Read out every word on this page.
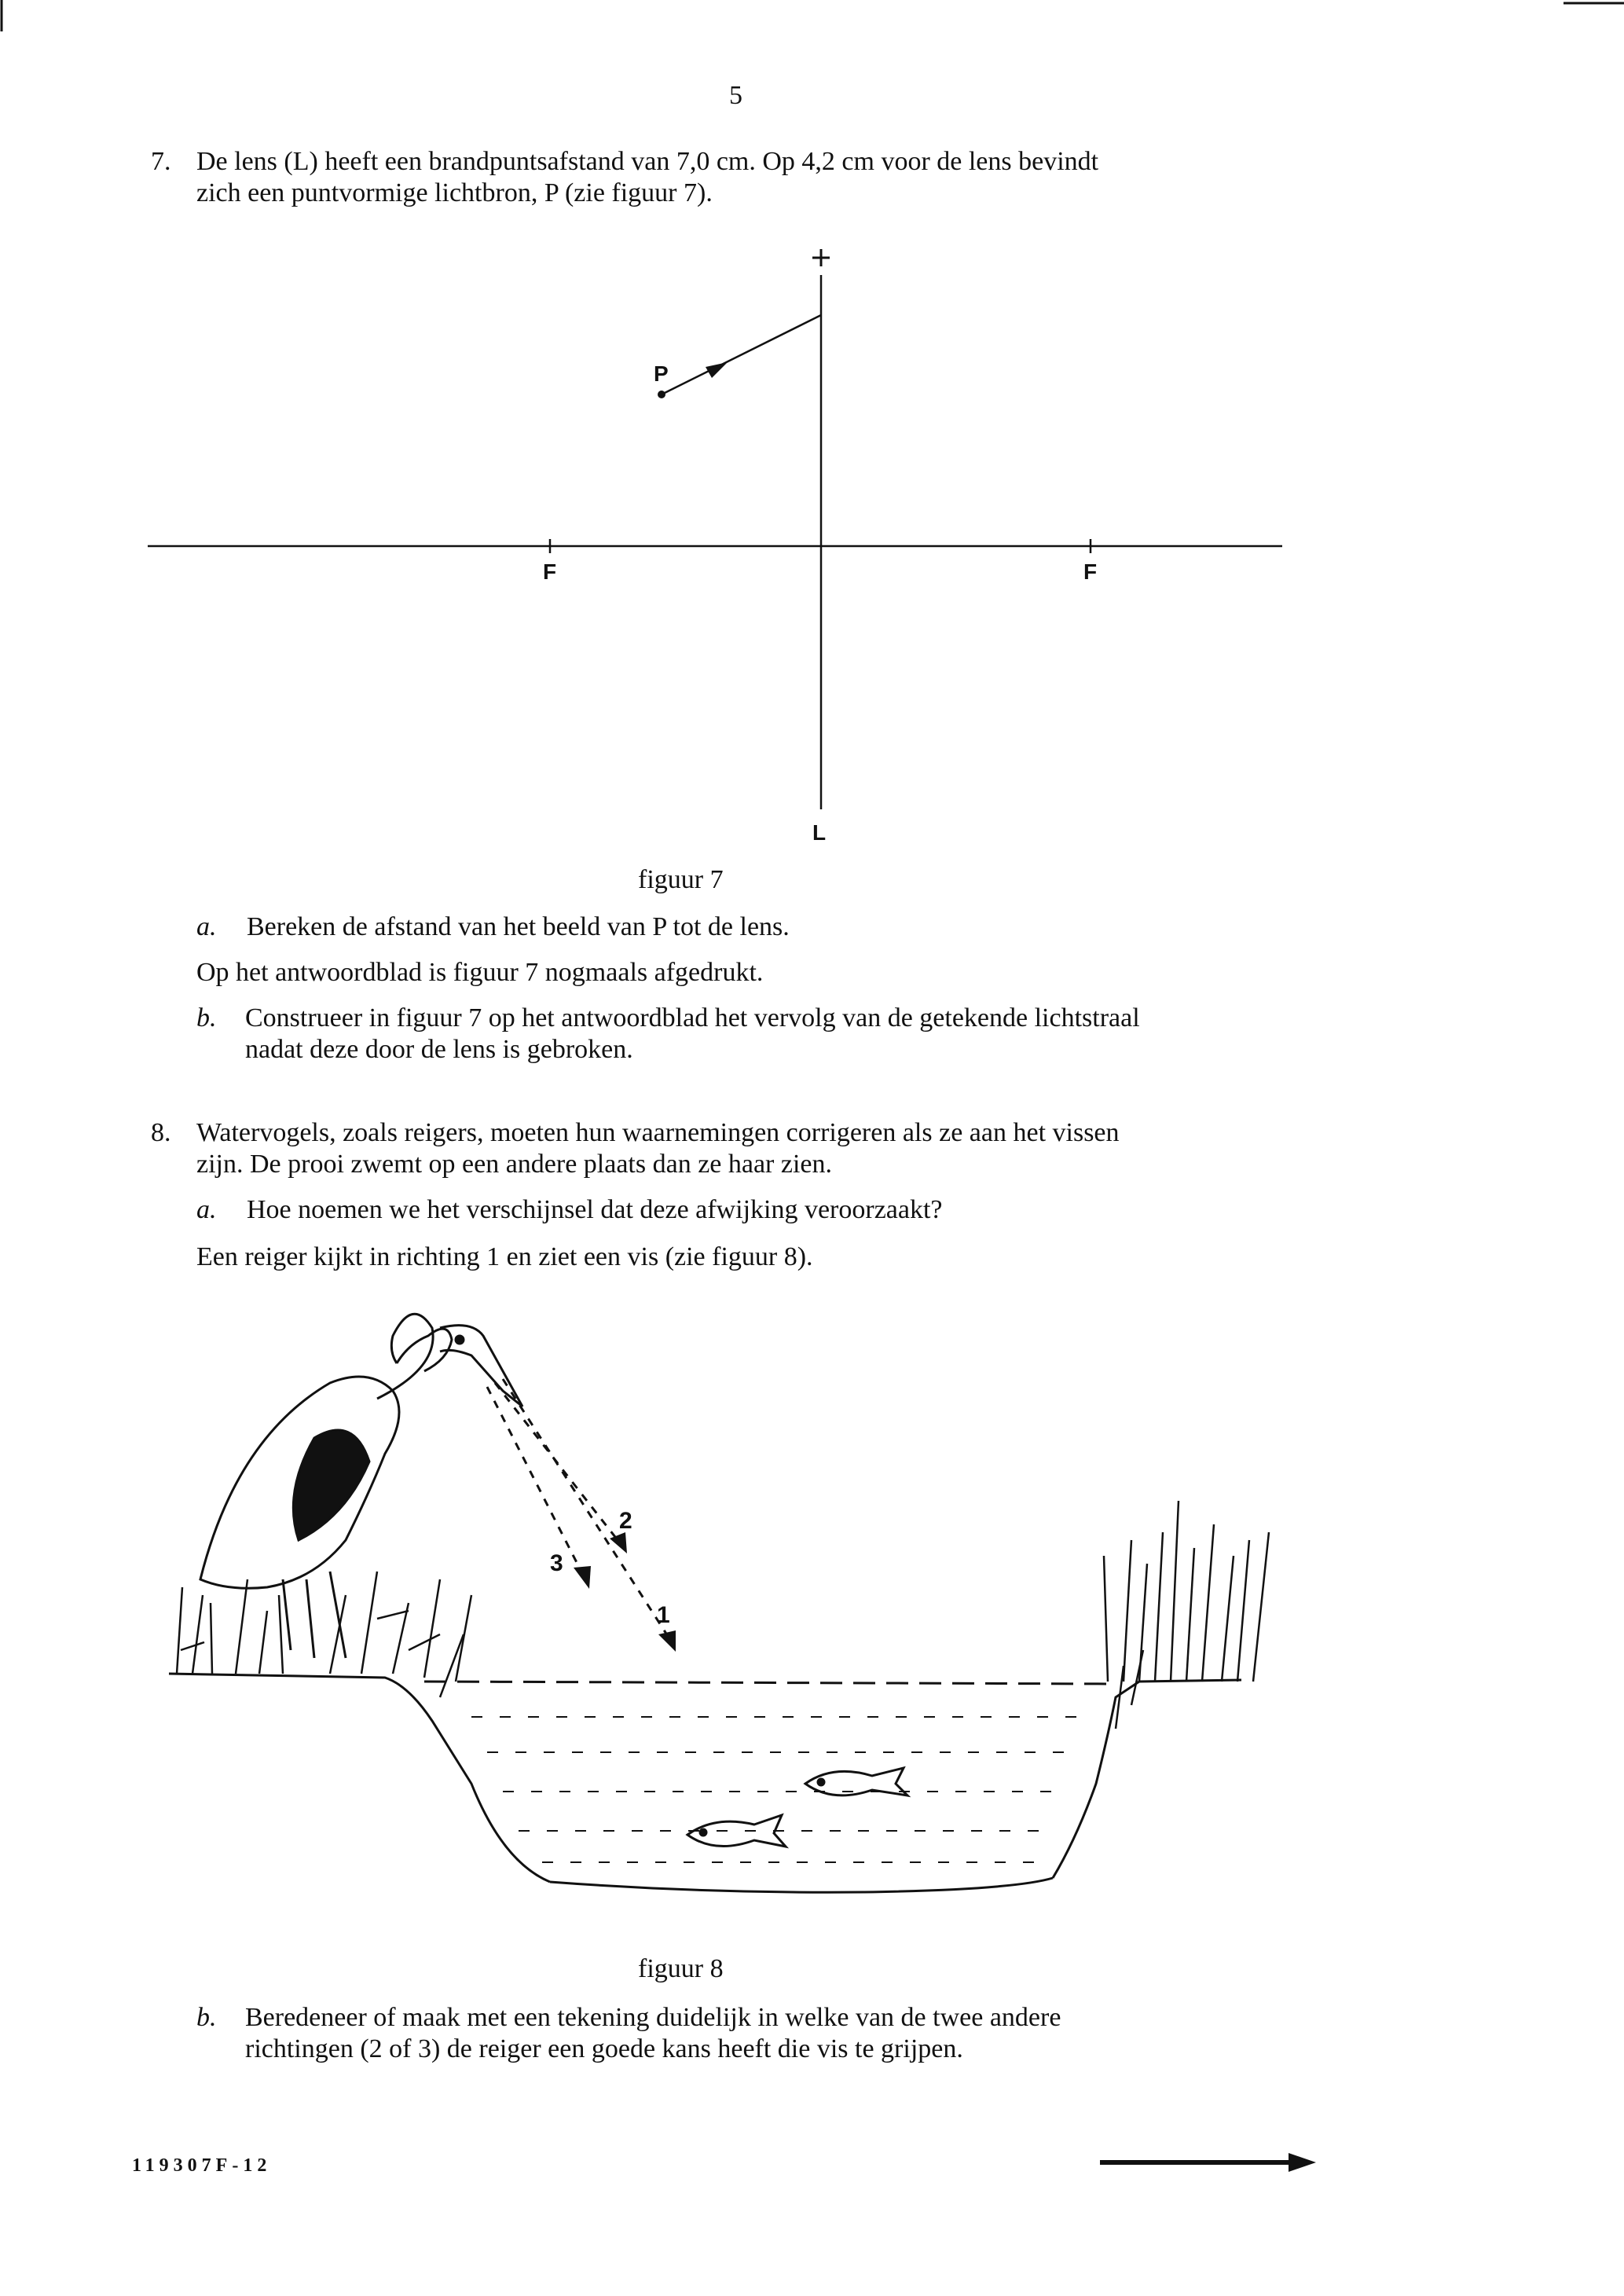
5
7. De lens (L) heeft een brandpuntsafstand van 7,0 cm. Op 4,2 cm voor de lens bevindt
zich een puntvormige lichtbron, P (zie figuur 7).
P
F	F
L
figuur 7
a. Bereken de afstand van het beeld van P tot de lens.
Op het antwoordblad is figuur 7 nogmaals afgedrukt.
b. Construeer in figuur 7 op het antwoordblad het vervolg van de getekende lichtstraal
nadat deze door de lens is gebroken.
8. Watervogels, zoals reigers, moeten hun waarnemingen corrigeren als ze aan het vissen
zijn. De prooi zwemt op een andere plaats dan ze haar zien.
a. Hoe noemen we het verschijnsel dat deze afwijking veroorzaakt?
Een reiger kijkt in richting 1 en ziet een vis (zie figuur 8).
1
2
3
figuur 8
b. Beredeneer of maak met een tekening duidelijk in welke van de twee andere
richtingen (2 of 3) de reiger een goede kans heeft die vis te grijpen.
119307F-12
